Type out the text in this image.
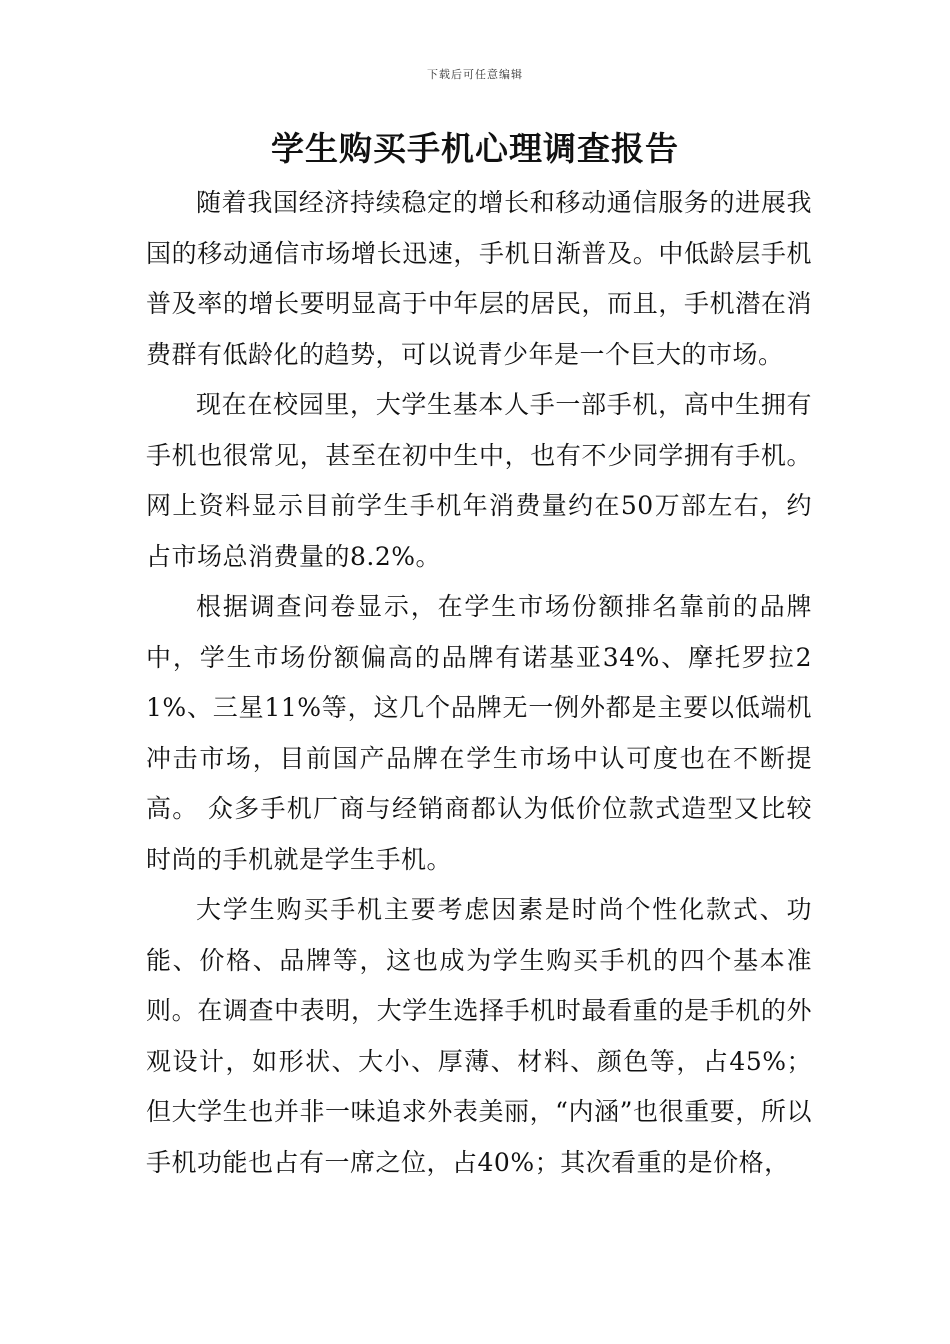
下载后可任意编辑
学生购买手机心理调查报告

随着我国经济持续稳定的增长和移动通信服务的进展我国的移动通信市场增长迅速，手机日渐普及。中低龄层手机普及率的增长要明显高于中年层的居民，而且，手机潜在消费群有低龄化的趋势，可以说青少年是一个巨大的市场。

现在在校园里，大学生基本人手一部手机，高中生拥有手机也很常见，甚至在初中生中，也有不少同学拥有手机。网上资料显示目前学生手机年消费量约在50万部左右，约占市场总消费量的8.2%。

根据调查问卷显示，在学生市场份额排名靠前的品牌中，学生市场份额偏高的品牌有诺基亚34%、摩托罗拉21%、三星11%等，这几个品牌无一例外都是主要以低端机冲击市场，目前国产品牌在学生市场中认可度也在不断提高。 众多手机厂商与经销商都认为低价位款式造型又比较时尚的手机就是学生手机。

大学生购买手机主要考虑因素是时尚个性化款式、功能、价格、品牌等，这也成为学生购买手机的四个基本准则。在调查中表明，大学生选择手机时最看重的是手机的外观设计，如形状、大小、厚薄、材料、颜色等，占45%；但大学生也并非一味追求外表美丽，“内涵”也很重要，所以手机功能也占有一席之位，占40%；其次看重的是价格，
